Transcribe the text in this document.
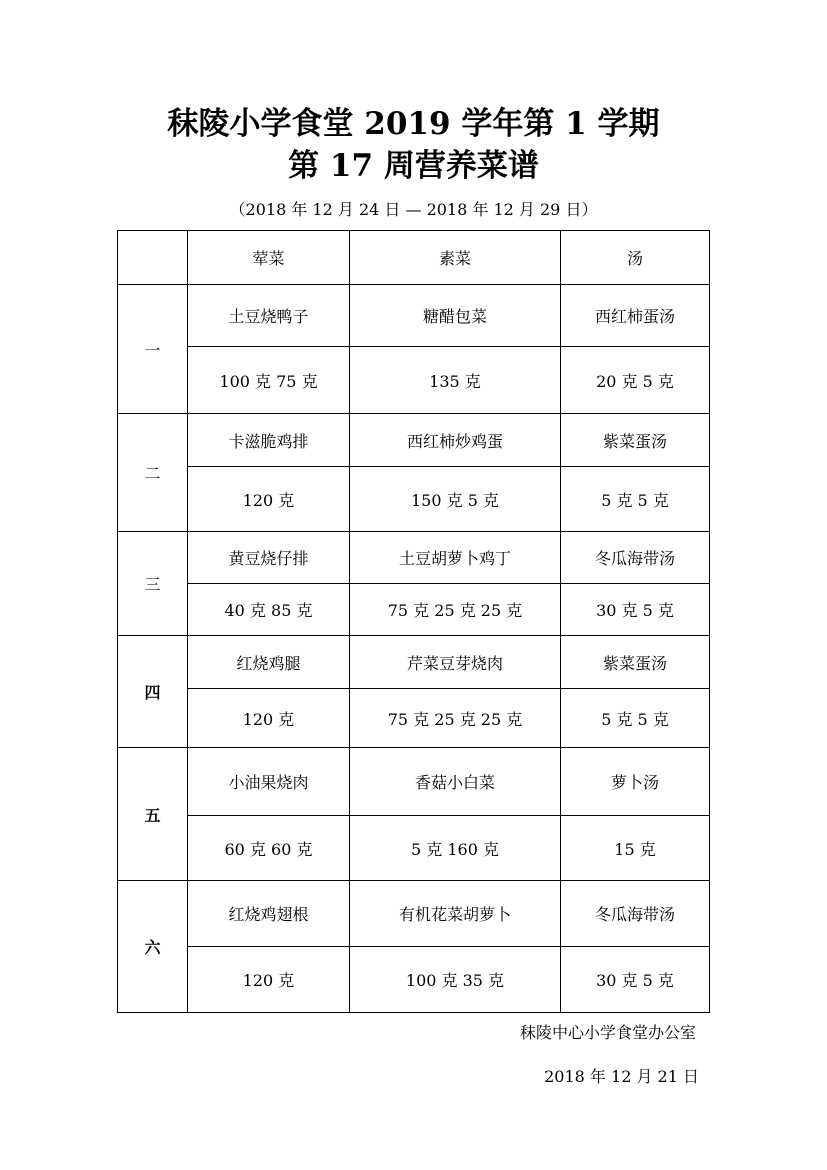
秣陵小学食堂 2019 学年第 1 学期
第 17 周营养菜谱
（2018 年 12 月 24 日 — 2018 年 12 月 29 日）
	荤菜	素菜	汤
一	土豆烧鸭子	糖醋包菜	西红柿蛋汤
	100 克 75 克	135 克	20 克 5 克
二	卡滋脆鸡排	西红柿炒鸡蛋	紫菜蛋汤
	120 克	150 克 5 克	5 克 5 克
三	黄豆烧仔排	土豆胡萝卜鸡丁	冬瓜海带汤
	40 克 85 克	75 克 25 克 25 克	30 克 5 克
四	红烧鸡腿	芹菜豆芽烧肉	紫菜蛋汤
	120 克	75 克 25 克 25 克	5 克 5 克
五	小油果烧肉	香菇小白菜	萝卜汤
	60 克 60 克	5 克 160 克	15 克
六	红烧鸡翅根	有机花菜胡萝卜	冬瓜海带汤
	120 克	100 克 35 克	30 克 5 克
秣陵中心小学食堂办公室
2018 年 12 月 21 日
